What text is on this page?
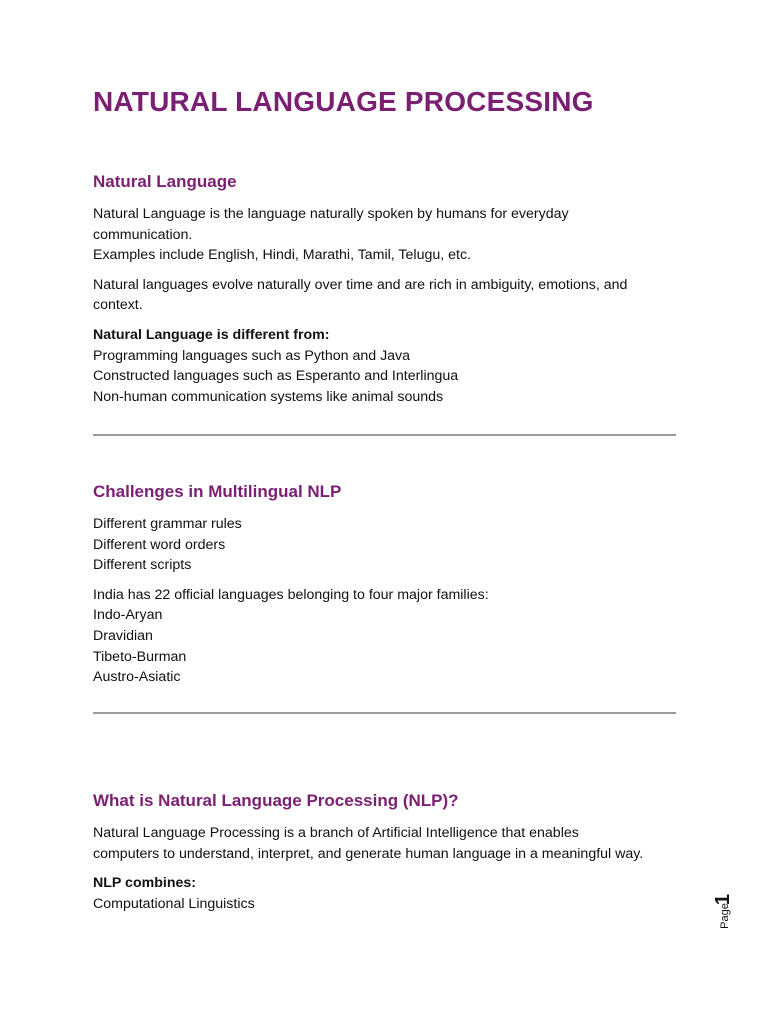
NATURAL LANGUAGE PROCESSING
Natural Language

Natural Language is the language naturally spoken by humans for everyday
communication.
Examples include English, Hindi, Marathi, Tamil, Telugu, etc.

Natural languages evolve naturally over time and are rich in ambiguity, emotions, and
context.

Natural Language is different from:
Programming languages such as Python and Java
Constructed languages such as Esperanto and Interlingua
Non-human communication systems like animal sounds

Challenges in Multilingual NLP

Different grammar rules
Different word orders
Different scripts

India has 22 official languages belonging to four major families:
Indo-Aryan
Dravidian
Tibeto-Burman
Austro-Asiatic

What is Natural Language Processing (NLP)?

Natural Language Processing is a branch of Artificial Intelligence that enables
computers to understand, interpret, and generate human language in a meaningful way.

NLP combines:
Computational Linguistics	1
Page
